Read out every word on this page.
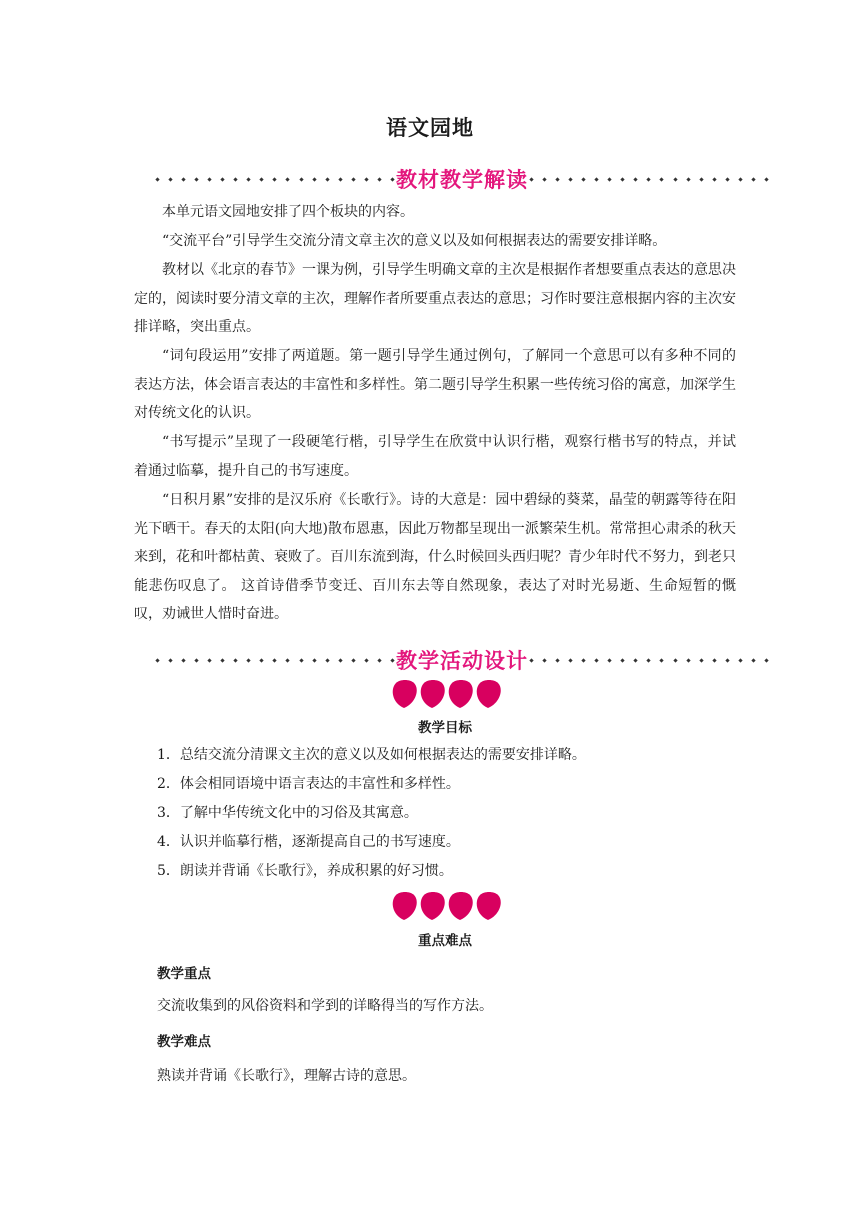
语文园地
教材教学解读

本单元语文园地安排了四个板块的内容。

“交流平台”引导学生交流分清文章主次的意义以及如何根据表达的需要安排详略。

教材以《北京的春节》一课为例，引导学生明确文章的主次是根据作者想要重点表达的意思决定的，阅读时要分清文章的主次，理解作者所要重点表达的意思；习作时要注意根据内容的主次安排详略，突出重点。

“词句段运用”安排了两道题。第一题引导学生通过例句，了解同一个意思可以有多种不同的表达方法，体会语言表达的丰富性和多样性。第二题引导学生积累一些传统习俗的寓意，加深学生对传统文化的认识。

“书写提示”呈现了一段硬笔行楷，引导学生在欣赏中认识行楷，观察行楷书写的特点，并试着通过临摹，提升自己的书写速度。

“日积月累”安排的是汉乐府《长歌行》。诗的大意是：园中碧绿的葵菜，晶莹的朝露等待在阳光下晒干。春天的太阳(向大地)散布恩惠，因此万物都呈现出一派繁荣生机。常常担心肃杀的秋天来到，花和叶都枯黄、衰败了。百川东流到海，什么时候回头西归呢？青少年时代不努力，到老只能悲伤叹息了。 这首诗借季节变迁、百川东去等自然现象，表达了对时光易逝、生命短暂的慨叹，劝诫世人惜时奋进。

教学活动设计

教学目标

1．总结交流分清课文主次的意义以及如何根据表达的需要安排详略。

2．体会相同语境中语言表达的丰富性和多样性。

3．了解中华传统文化中的习俗及其寓意。

4．认识并临摹行楷，逐渐提高自己的书写速度。

5．朗读并背诵《长歌行》，养成积累的好习惯。

重点难点

教学重点

交流收集到的风俗资料和学到的详略得当的写作方法。

教学难点

熟读并背诵《长歌行》，理解古诗的意思。
